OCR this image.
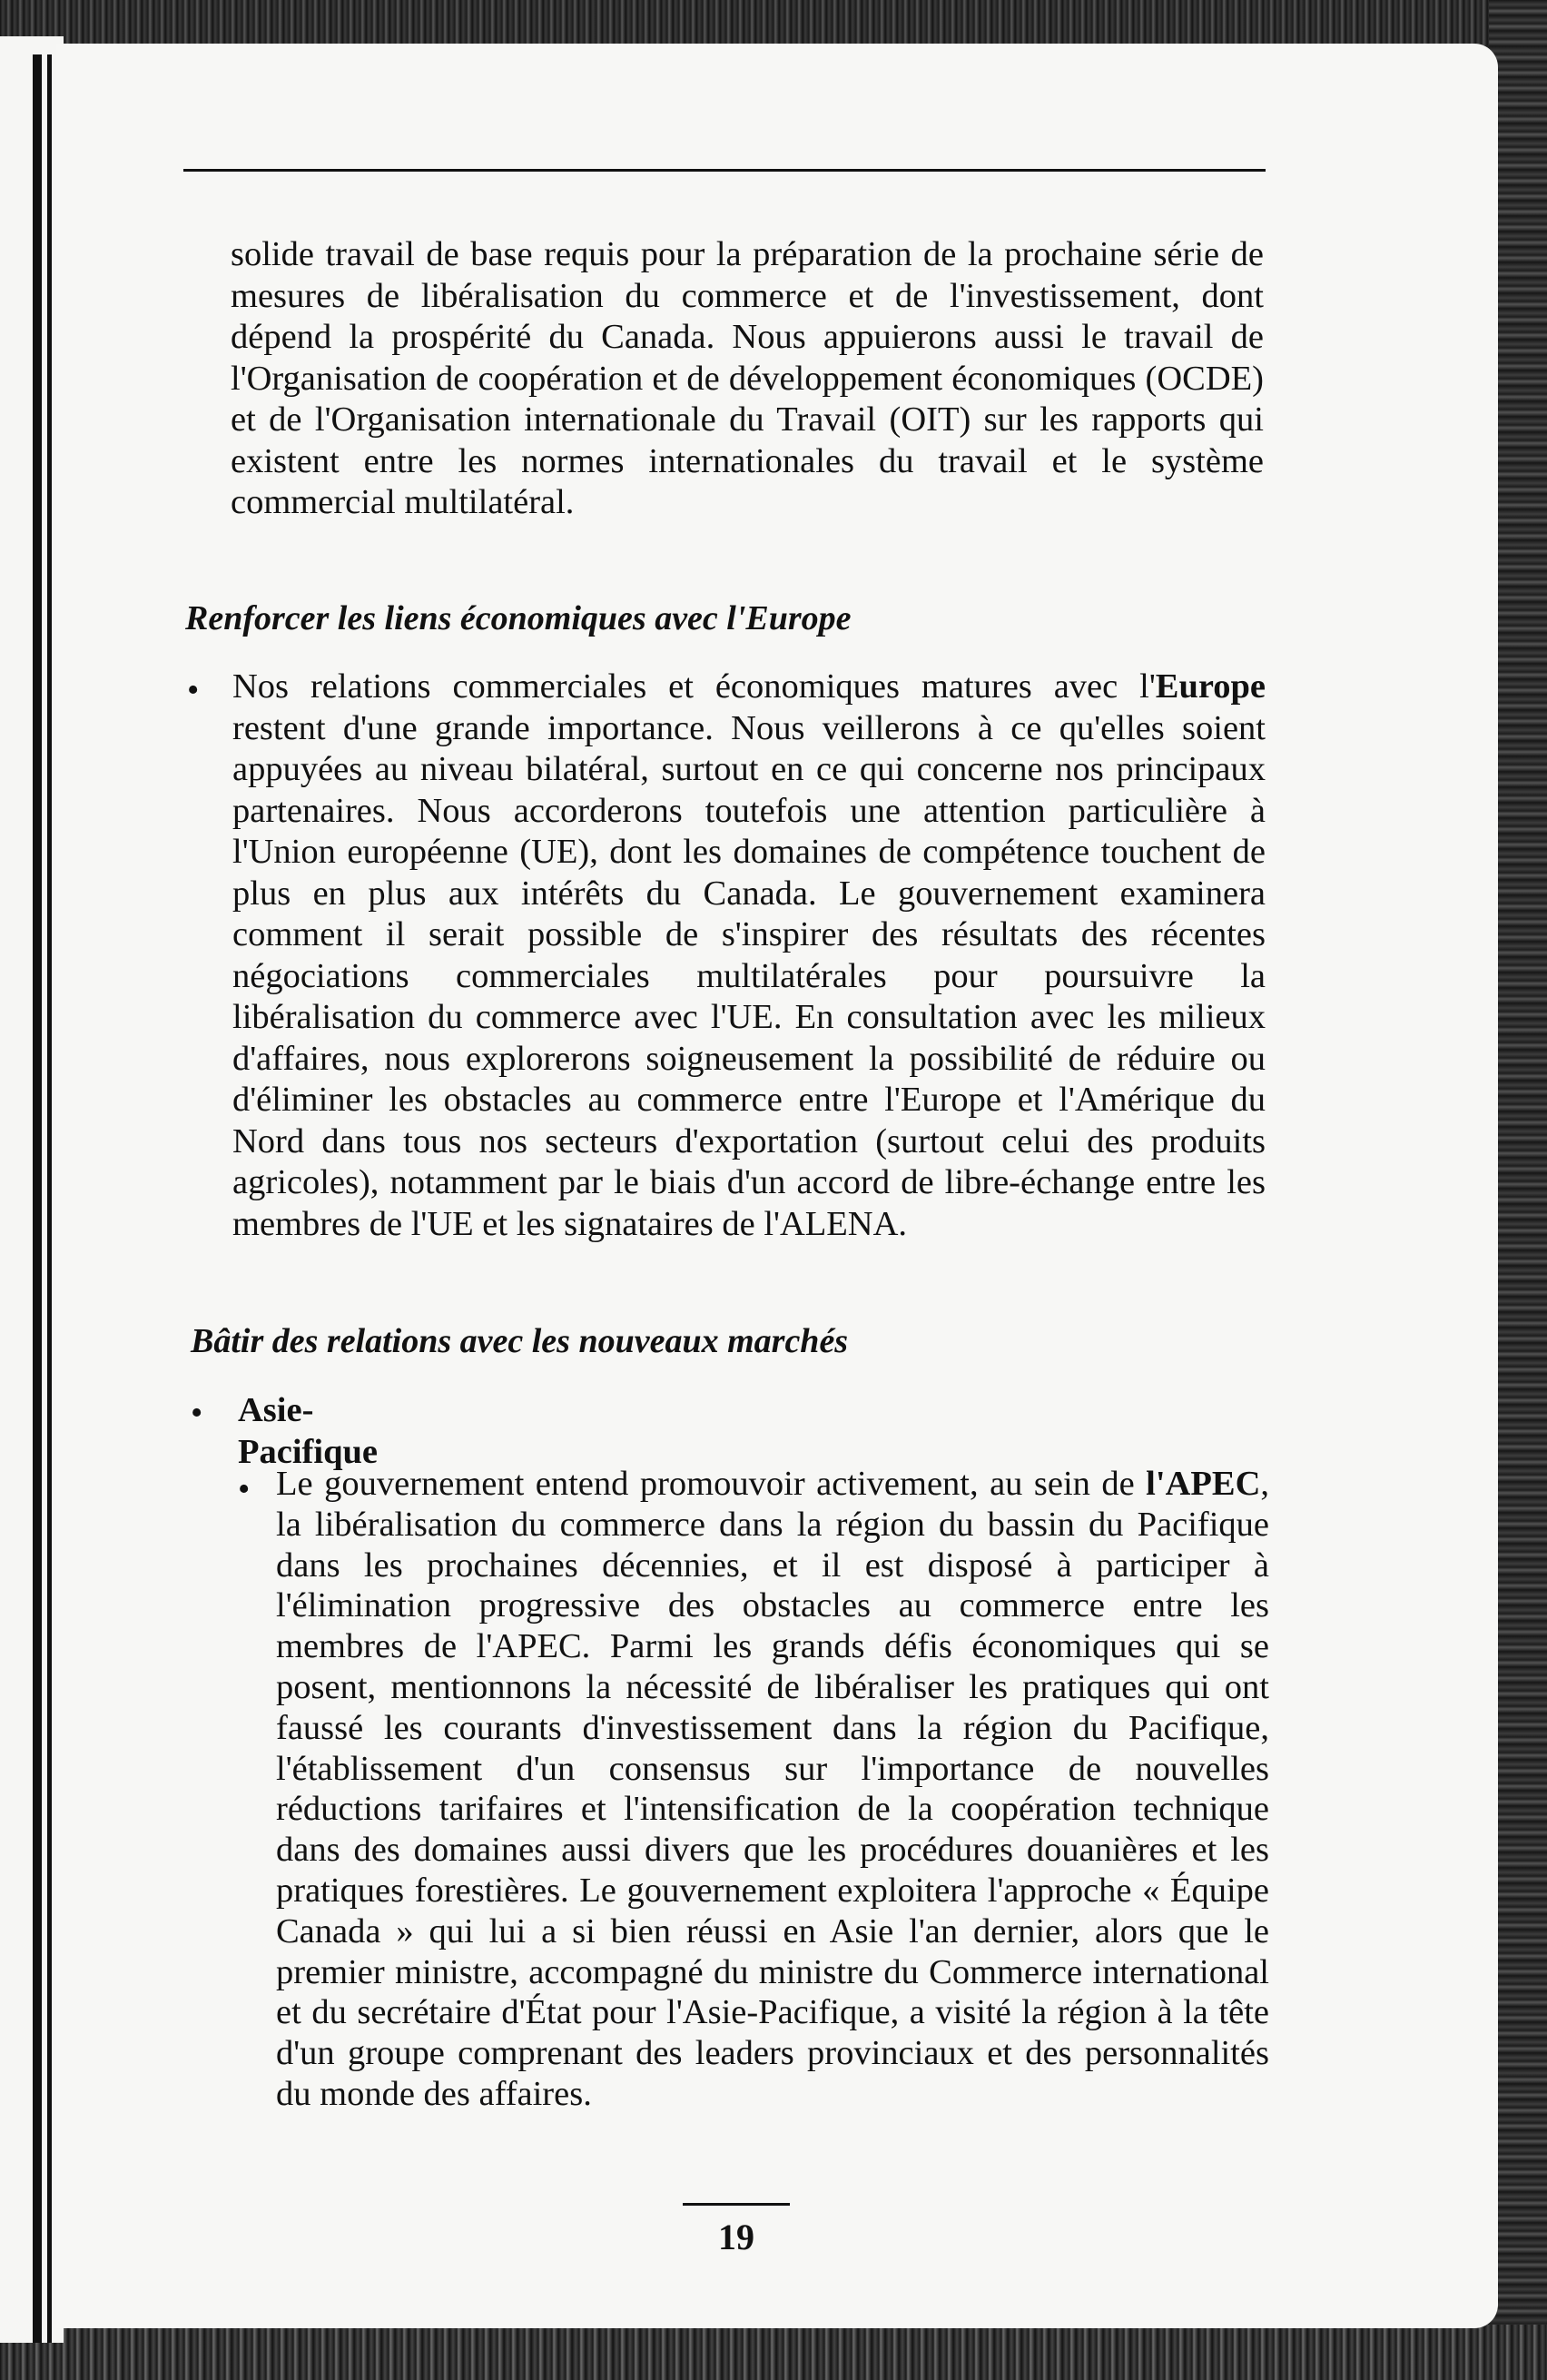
solide travail de base requis pour la préparation de la prochaine série de mesures de libéralisation du commerce et de l'investissement, dont dépend la prospérité du Canada. Nous appuierons aussi le travail de l'Organisation de coopération et de développement économiques (OCDE) et de l'Organisation internationale du Travail (OIT) sur les rapports qui existent entre les normes internationales du travail et le système commercial multilatéral.

Renforcer les liens économiques avec l'Europe

• Nos relations commerciales et économiques matures avec l'Europe restent d'une grande importance. Nous veillerons à ce qu'elles soient appuyées au niveau bilatéral, surtout en ce qui concerne nos principaux partenaires. Nous accorderons toutefois une attention particulière à l'Union européenne (UE), dont les domaines de compétence touchent de plus en plus aux intérêts du Canada. Le gouvernement examinera comment il serait possible de s'inspirer des résultats des récentes négociations commerciales multilatérales pour poursuivre la libéralisation du commerce avec l'UE. En consultation avec les milieux d'affaires, nous explorerons soigneusement la possibilité de réduire ou d'éliminer les obstacles au commerce entre l'Europe et l'Amérique du Nord dans tous nos secteurs d'exportation (surtout celui des produits agricoles), notamment par le biais d'un accord de libre-échange entre les membres de l'UE et les signataires de l'ALENA.

Bâtir des relations avec les nouveaux marchés

• Asie-Pacifique

• Le gouvernement entend promouvoir activement, au sein de l'APEC, la libéralisation du commerce dans la région du bassin du Pacifique dans les prochaines décennies, et il est disposé à participer à l'élimination progressive des obstacles au commerce entre les membres de l'APEC. Parmi les grands défis économiques qui se posent, mentionnons la nécessité de libéraliser les pratiques qui ont faussé les courants d'investissement dans la région du Pacifique, l'établissement d'un consensus sur l'importance de nouvelles réductions tarifaires et l'intensification de la coopération technique dans des domaines aussi divers que les procédures douanières et les pratiques forestières. Le gouvernement exploitera l'approche « Équipe Canada » qui lui a si bien réussi en Asie l'an dernier, alors que le premier ministre, accompagné du ministre du Commerce international et du secrétaire d'État pour l'Asie-Pacifique, a visité la région à la tête d'un groupe comprenant des leaders provinciaux et des personnalités du monde des affaires.

19
